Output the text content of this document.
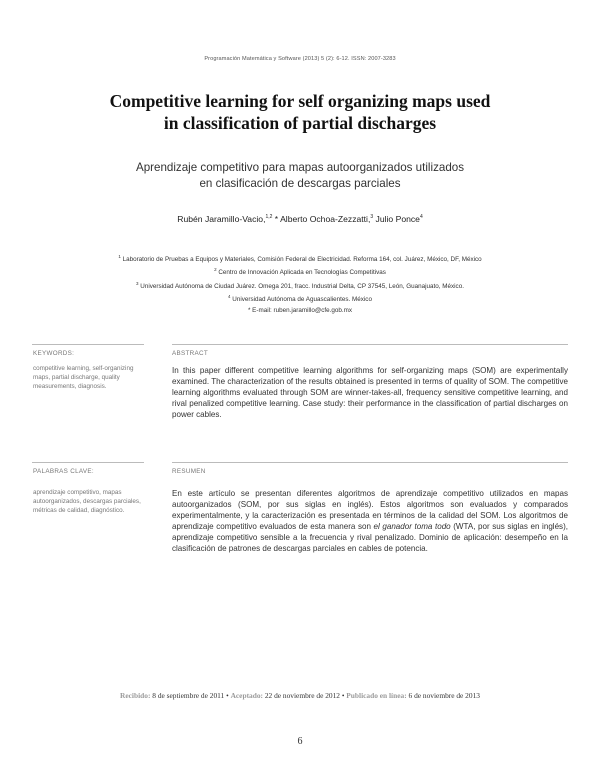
Programación Matemática y Software (2013) 5 (2): 6-12. ISSN: 2007-3283
Competitive learning for self organizing maps used
in classification of partial discharges
Aprendizaje competitivo para mapas autoorganizados utilizados
en clasificación de descargas parciales
Rubén Jaramillo-Vacio,$^{1,2}$ * Alberto Ochoa-Zezzatti,$^3$ Julio Ponce$^4$
$^1$ Laboratorio de Pruebas a Equipos y Materiales, Comisión Federal de Electricidad. Reforma 164, col. Juárez, México, DF, México
$^2$ Centro de Innovación Aplicada en Tecnologías Competitivas
$^3$ Universidad Autónoma de Ciudad Juárez. Omega 201, fracc. Industrial Delta, CP 37545, León, Guanajuato, México.
$^4$ Universidad Autónoma de Aguascalientes. México
* E-mail: ruben.jaramillo@cfe.gob.mx
KEYWORDS:	ABSTRACT
competitive learning, self-organizing maps, partial discharge, quality measurements, diagnosis.
In this paper different competitive learning algorithms for self-organizing maps (SOM) are experimentally examined. The characterization of the results obtained is presented in terms of quality of SOM. The competitive learning algorithms evaluated through SOM are winner-takes-all, frequency sensitive competitive learning, and rival penalized competitive learning. Case study: their performance in the classification of partial discharges on power cables.
PALABRAS CLAVE:	RESUMEN
aprendizaje competitivo, mapas autoorganizados, descargas parciales, métricas de calidad, diagnóstico.
En este artículo se presentan diferentes algoritmos de aprendizaje competitivo utilizados en mapas autoorganizados (SOM, por sus siglas en inglés). Estos algoritmos son evaluados y comparados experimentalmente, y la caracterización es presentada en términos de la calidad del SOM. Los algoritmos de aprendizaje competitivo evaluados de esta manera son el ganador toma todo (WTA, por sus siglas en inglés), aprendizaje competitivo sensible a la frecuencia y rival penalizado. Dominio de aplicación: desempeño en la clasificación de patrones de descargas parciales en cables de potencia.
Recibido: 8 de septiembre de 2011 • Aceptado: 22 de noviembre de 2012 • Publicado en línea: 6 de noviembre de 2013
6
